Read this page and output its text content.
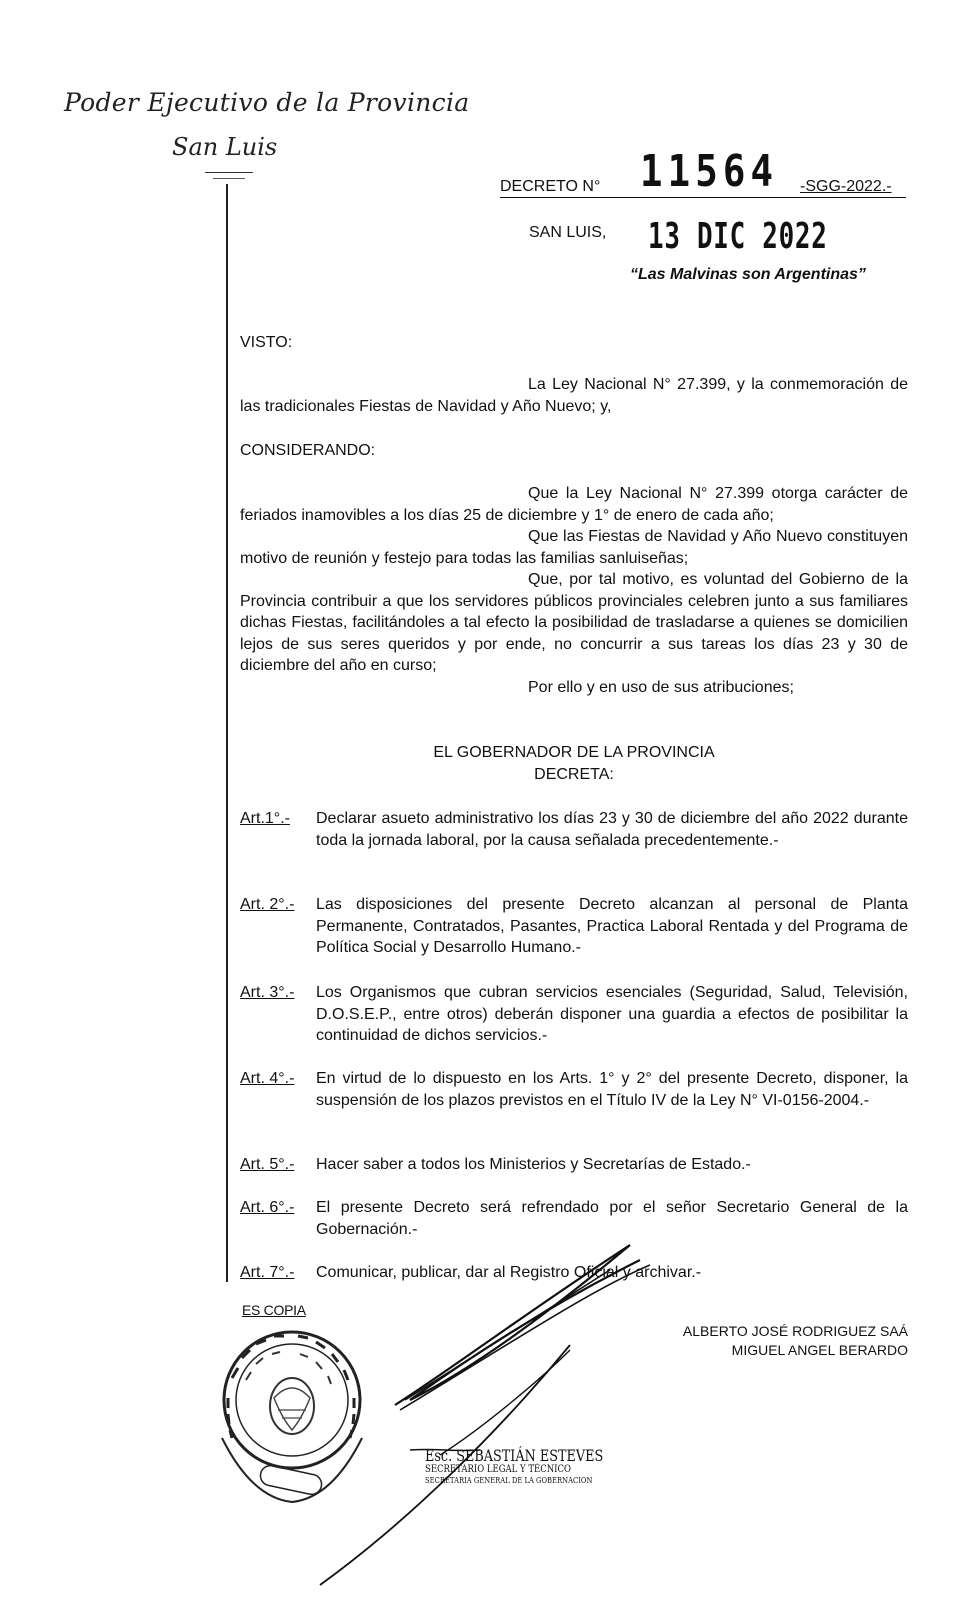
Poder Ejecutivo de la Provincia
San Luis
DECRETO N° 11564 -SGG-2022.-
SAN LUIS, 13 DIC 2022
“Las Malvinas son Argentinas”
VISTO:
La Ley Nacional N° 27.399, y la conmemoración de las tradicionales Fiestas de Navidad y Año Nuevo; y,
CONSIDERANDO:

Que la Ley Nacional N° 27.399 otorga carácter de feriados inamovibles a los días 25 de diciembre y 1° de enero de cada año;

Que las Fiestas de Navidad y Año Nuevo constituyen motivo de reunión y festejo para todas las familias sanluiseñas;

Que, por tal motivo, es voluntad del Gobierno de la Provincia contribuir a que los servidores públicos provinciales celebren junto a sus familiares dichas Fiestas, facilitándoles a tal efecto la posibilidad de trasladarse a quienes se domicilien lejos de sus seres queridos y por ende, no concurrir a sus tareas los días 23 y 30 de diciembre del año en curso;

Por ello y en uso de sus atribuciones;

EL GOBERNADOR DE LA PROVINCIA
DECRETA:
Art.1°.- Declarar asueto administrativo los días 23 y 30 de diciembre del año 2022 durante toda la jornada laboral, por la causa señalada precedentemente.-
Art. 2°.- Las disposiciones del presente Decreto alcanzan al personal de Planta Permanente, Contratados, Pasantes, Practica Laboral Rentada y del Programa de Política Social y Desarrollo Humano.-
Art. 3°.- Los Organismos que cubran servicios esenciales (Seguridad, Salud, Televisión, D.O.S.E.P., entre otros) deberán disponer una guardia a efectos de posibilitar la continuidad de dichos servicios.-
Art. 4°.- En virtud de lo dispuesto en los Arts. 1° y 2° del presente Decreto, disponer, la suspensión de los plazos previstos en el Título IV de la Ley N° VI-0156-2004.-
Art. 5°.- Hacer saber a todos los Ministerios y Secretarías de Estado.-
Art. 6°.- El presente Decreto será refrendado por el señor Secretario General de la Gobernación.-
Art. 7°.- Comunicar, publicar, dar al Registro Oficial y archivar.-
ES COPIA
ALBERTO JOSÉ RODRIGUEZ SAÁ
MIGUEL ANGEL BERARDO
Esc. SEBASTIÁN ESTEVES
SECRETARIO LEGAL Y TÉCNICO
SECRETARIA GENERAL DE LA GOBERNACIÓN
